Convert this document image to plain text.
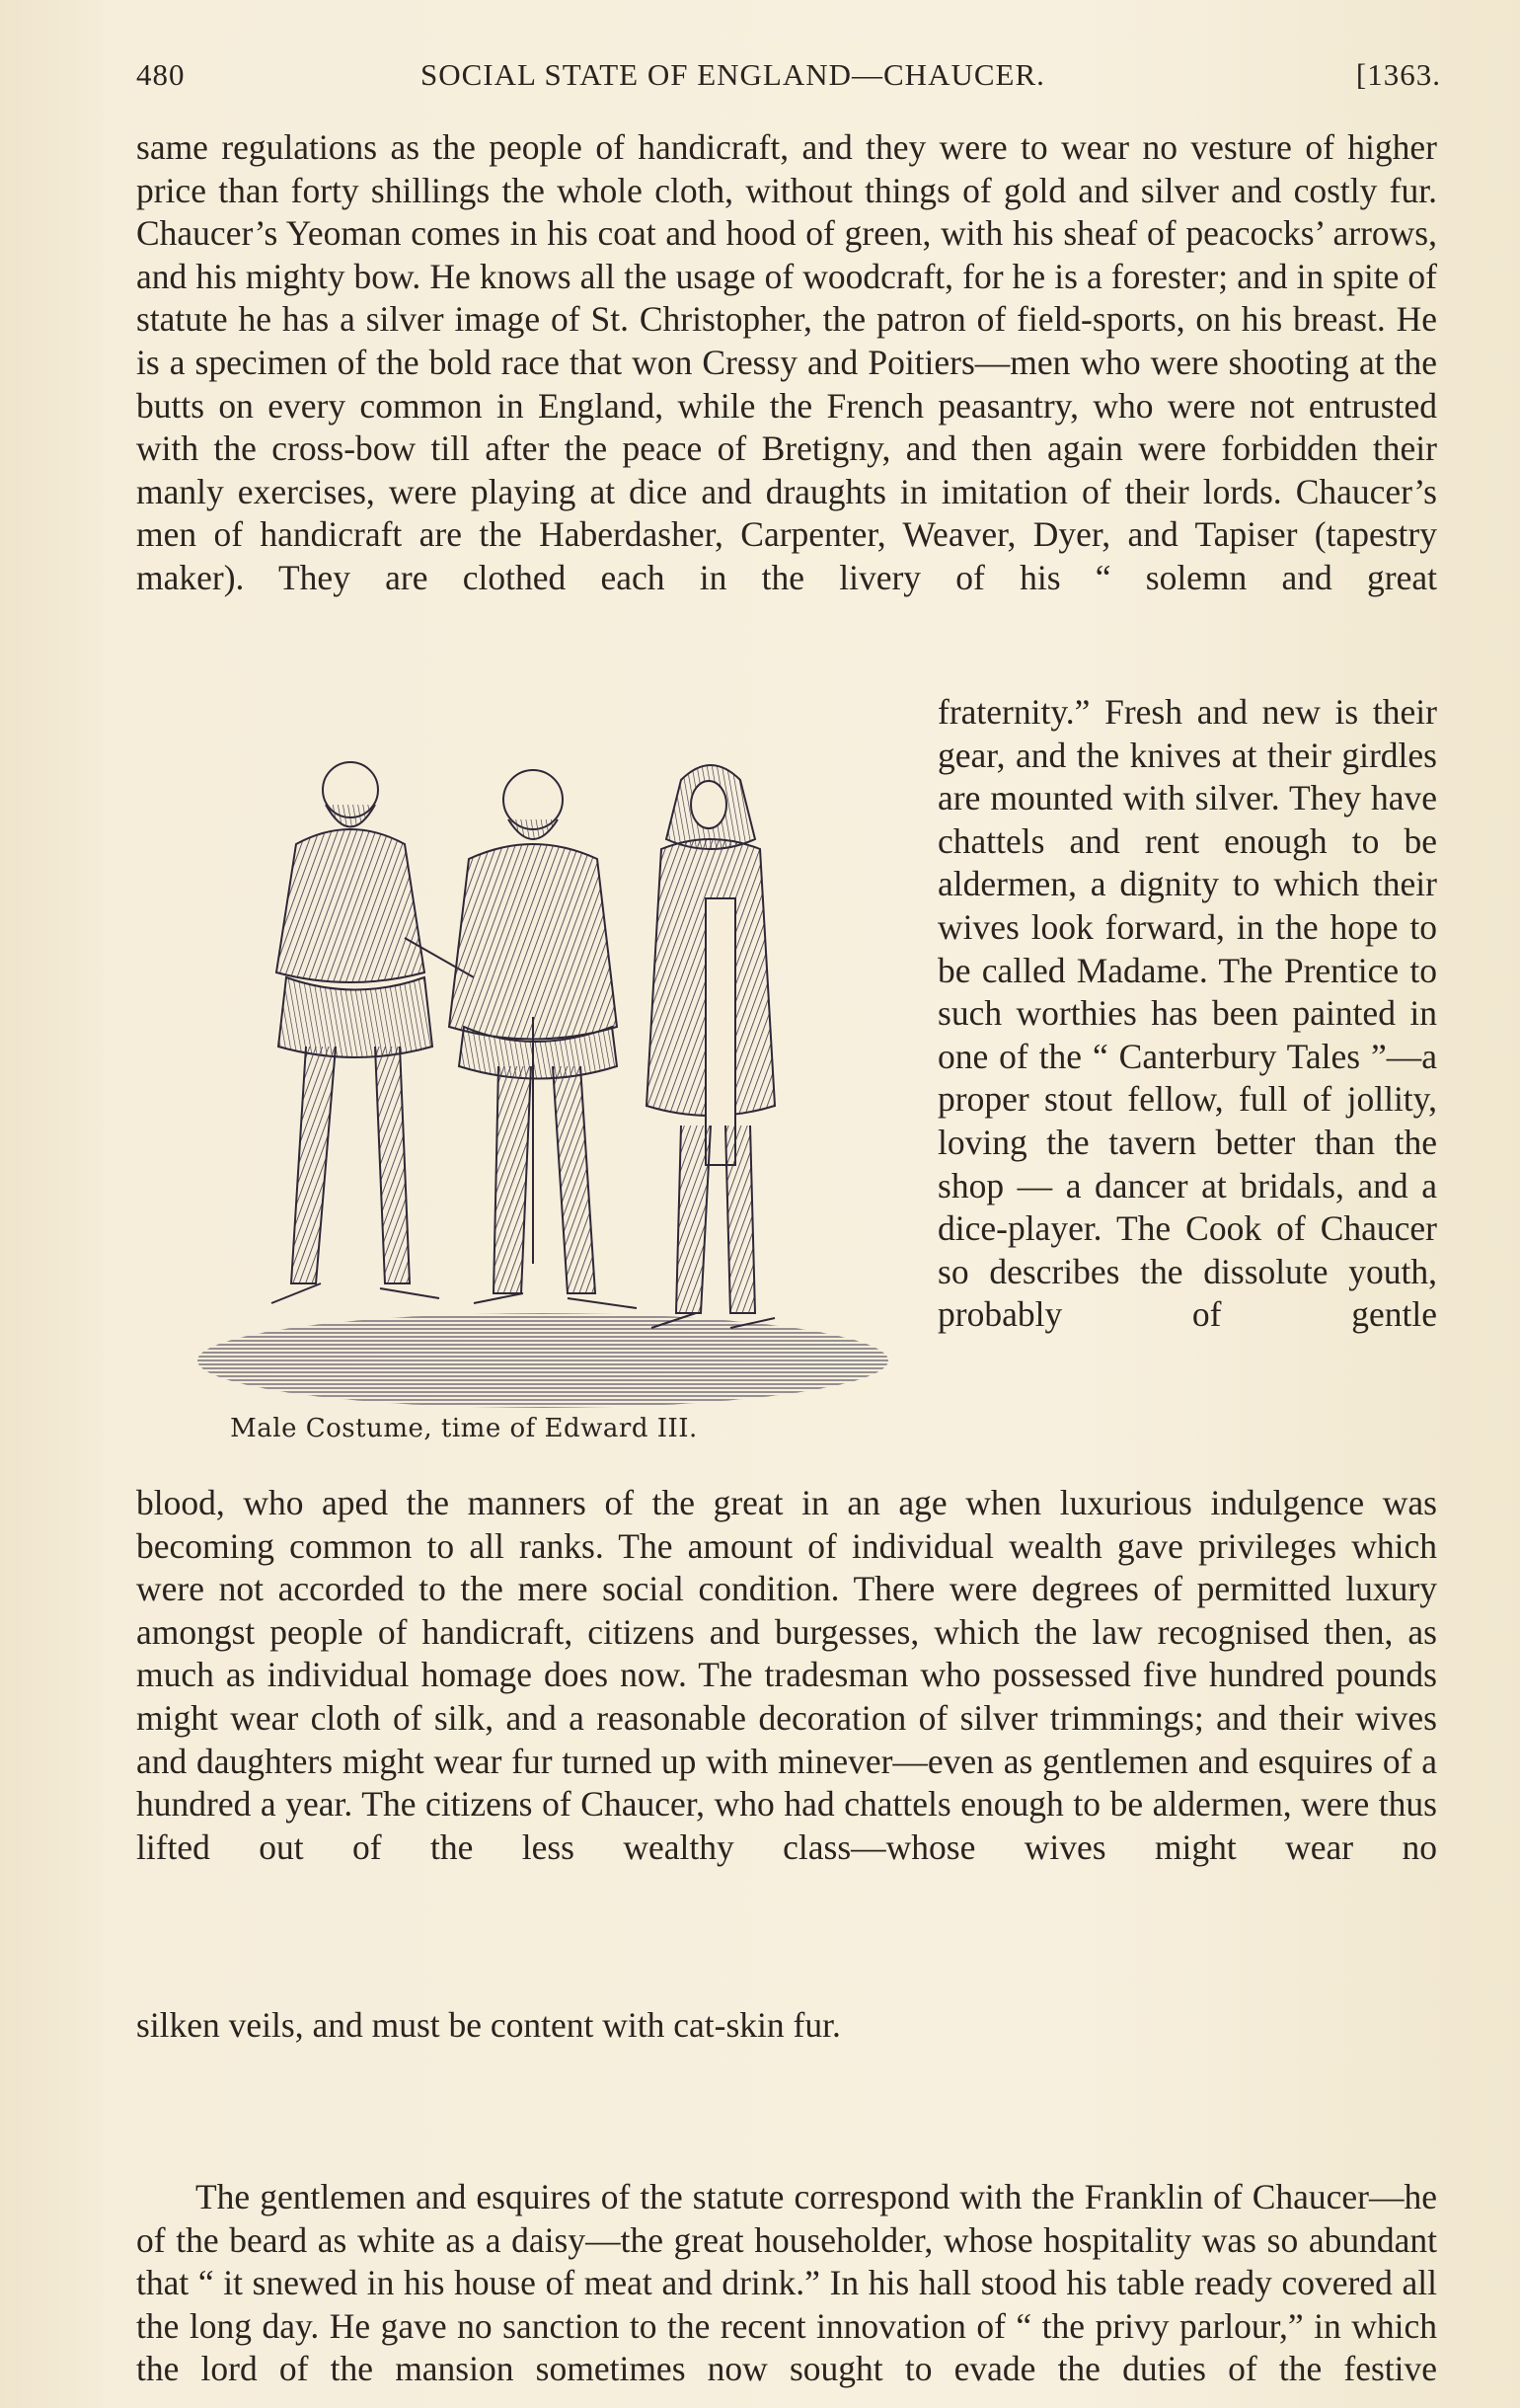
480	SOCIAL STATE OF ENGLAND—CHAUCER.	[1363.

same regulations as the people of handicraft, and they were to wear no vesture of higher price than forty shillings the whole cloth, without things of gold and silver and costly fur. Chaucer’s Yeoman comes in his coat and hood of green, with his sheaf of peacocks’ arrows, and his mighty bow. He knows all the usage of woodcraft, for he is a forester; and in spite of statute he has a silver image of St. Christopher, the patron of field-sports, on his breast. He is a specimen of the bold race that won Cressy and Poitiers—men who were shooting at the butts on every common in England, while the French peasantry, who were not entrusted with the cross-bow till after the peace of Bretigny, and then again were forbidden their manly exercises, were playing at dice and draughts in imitation of their lords. Chaucer’s men of handicraft are the Haberdasher, Carpenter, Weaver, Dyer, and Tapiser (tapestry maker). They are clothed each in the livery of his “ solemn and great

fraternity.” Fresh and new is their gear, and the knives at their girdles are mounted with silver. They have chattels and rent enough to be aldermen, a dignity to which their wives look forward, in the hope to be called Madame. The Prentice to such worthies has been painted in one of the “ Canterbury Tales ”—a proper stout fellow, full of jollity, loving the tavern better than the shop — a dancer at bridals, and a dice-player. The Cook of Chaucer so describes the dissolute youth, probably of gentle

Male Costume, time of Edward III.

blood, who aped the manners of the great in an age when luxurious indulgence was becoming common to all ranks. The amount of individual wealth gave privileges which were not accorded to the mere social condition. There were degrees of permitted luxury amongst people of handicraft, citizens and burgesses, which the law recognised then, as much as individual homage does now. The tradesman who possessed five hundred pounds might wear cloth of silk, and a reasonable decoration of silver trimmings; and their wives and daughters might wear fur turned up with minever—even as gentlemen and esquires of a hundred a year. The citizens of Chaucer, who had chattels enough to be aldermen, were thus lifted out of the less wealthy class—whose wives might wear no

silken veils, and must be content with cat-skin fur.

The gentlemen and esquires of the statute correspond with the Franklin of Chaucer—he of the beard as white as a daisy—the great householder, whose hospitality was so abundant that “ it snewed in his house of meat and drink.” In his hall stood his table ready covered all the long day. He gave no sanction to the recent innovation of “ the privy parlour,” in which the lord of the mansion sometimes now sought to evade the duties of the festive
